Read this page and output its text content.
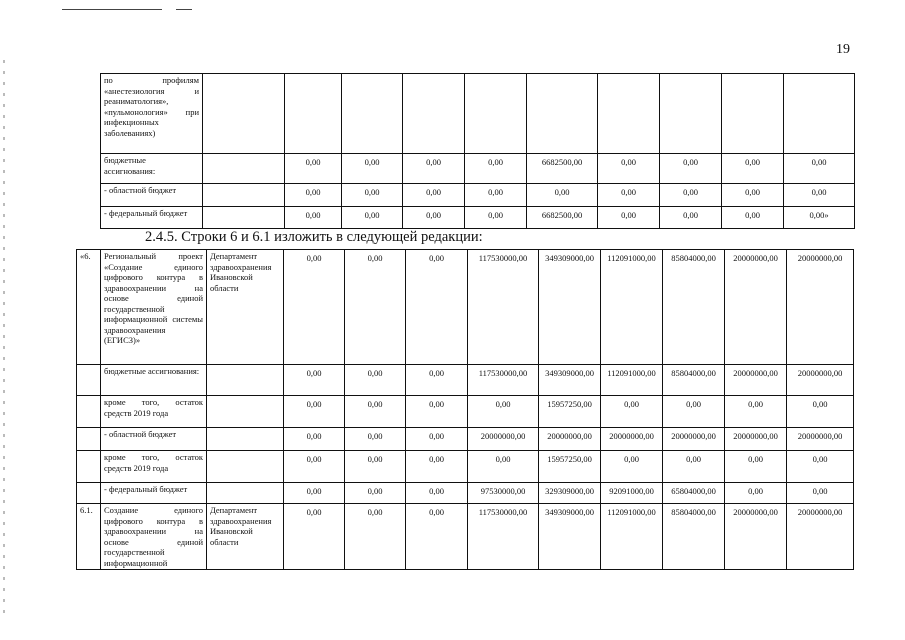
19
по профилям «анестезиология и реаниматология», «пульмонология» при инфекционных заболеваниях)										
бюджетные ассигнования:		0,00	0,00	0,00	0,00	6682500,00	0,00	0,00	0,00	0,00
- областной бюджет		0,00	0,00	0,00	0,00	0,00	0,00	0,00	0,00	0,00
- федеральный бюджет		0,00	0,00	0,00	0,00	6682500,00	0,00	0,00	0,00	0,00»
2.4.5. Строки 6 и 6.1 изложить в следующей редакции:
«6.	Региональный проект «Создание единого цифрового контура в здравоохранении на основе единой государственной информационной системы здравоохранения (ЕГИСЗ)»	Департамент здравоохранения Ивановской области	0,00	0,00	0,00	117530000,00	349309000,00	112091000,00	85804000,00	20000000,00	20000000,00
	бюджетные ассигнования:		0,00	0,00	0,00	117530000,00	349309000,00	112091000,00	85804000,00	20000000,00	20000000,00
	кроме того, остаток средств 2019 года		0,00	0,00	0,00	0,00	15957250,00	0,00	0,00	0,00	0,00
	- областной бюджет		0,00	0,00	0,00	20000000,00	20000000,00	20000000,00	20000000,00	20000000,00	20000000,00
	кроме того, остаток средств 2019 года		0,00	0,00	0,00	0,00	15957250,00	0,00	0,00	0,00	0,00
	- федеральный бюджет		0,00	0,00	0,00	97530000,00	329309000,00	92091000,00	65804000,00	0,00	0,00
6.1.	Создание единого цифрового контура в здравоохранении на основе единой государственной информационной	Департамент здравоохранения Ивановской области	0,00	0,00	0,00	117530000,00	349309000,00	112091000,00	85804000,00	20000000,00	20000000,00
